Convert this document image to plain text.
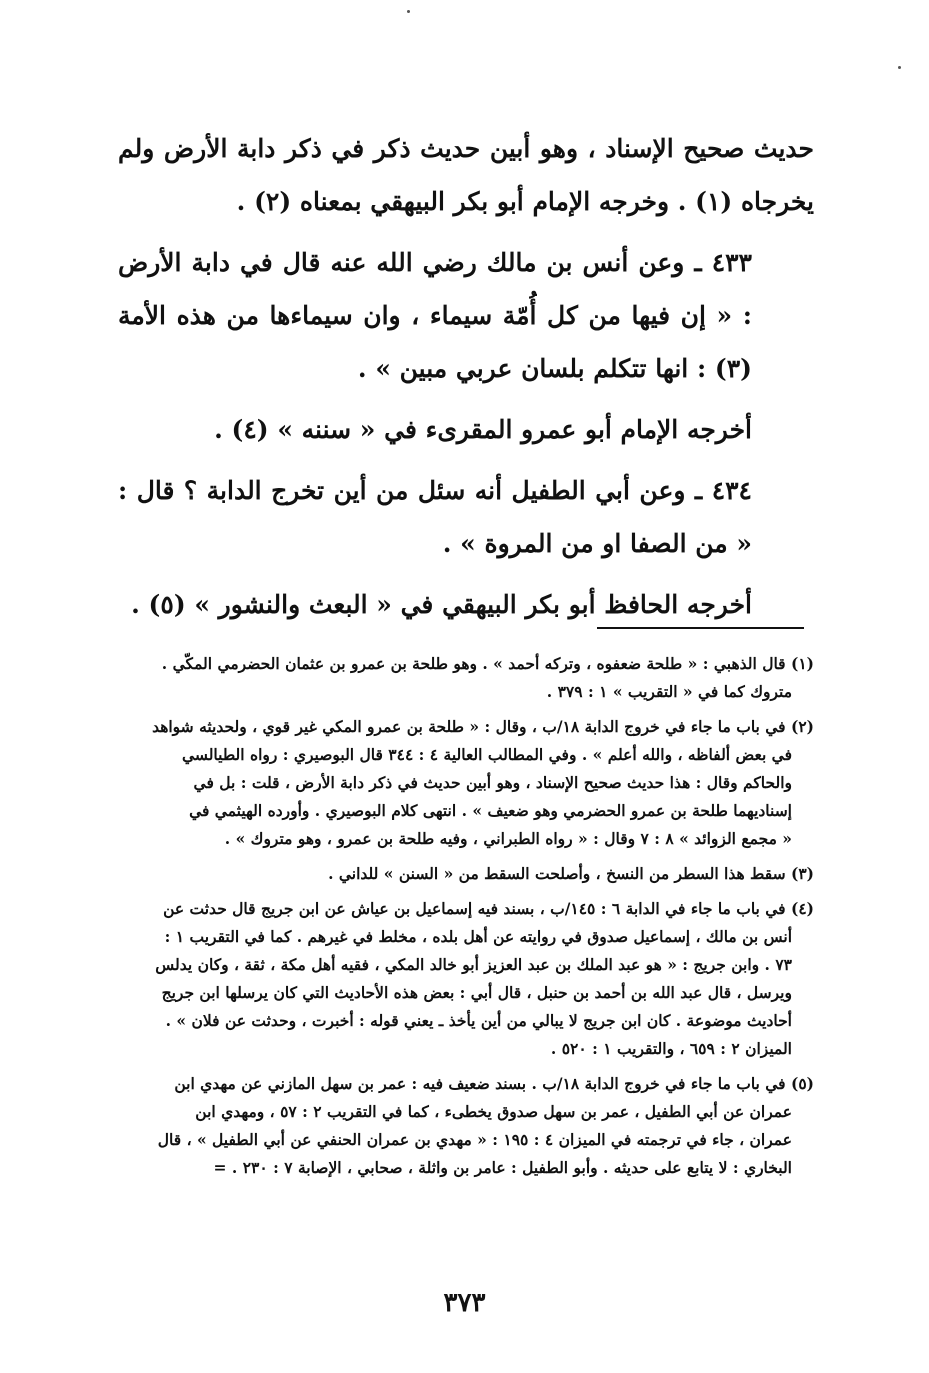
حديث صحيح الإسناد ، وهو أبين حديث ذكر في ذكر دابة الأرض ولم يخرجاه (١) . وخرجه الإمام أبو بكر البيهقي بمعناه (٢) .

٤٣٣ ـ وعن أنس بن مالك رضي الله عنه قال في دابة الأرض : « إن فيها من كل أُمّة سيماء ، وان سيماءها من هذه الأمة (٣) : انها تتكلم بلسان عربي مبين » .

أخرجه الإمام أبو عمرو المقرىء في « سننه » (٤) .

٤٣٤ ـ وعن أبي الطفيل أنه سئل من أين تخرج الدابة ؟ قال : « من الصفا او من المروة » .

أخرجه الحافظ أبو بكر البيهقي في « البعث والنشور » (٥) .

(١) قال الذهبي : « طلحة ضعفوه ، وتركه أحمد » . وهو طلحة بن عمرو بن عثمان الحضرمي المكّي .
متروك كما في « التقريب » ١ : ٣٧٩ .
(٢) في باب ما جاء في خروج الدابة ١٨/ب ، وقال : « طلحة بن عمرو المكي غير قوي ، ولحديثه شواهد
في بعض ألفاظه ، والله أعلم » . وفي المطالب العالية ٤ : ٣٤٤ قال البوصيري : رواه الطيالسي
والحاكم وقال : هذا حديث صحيح الإسناد ، وهو أبين حديث في ذكر دابة الأرض ، قلت : بل في
إسناديهما طلحة بن عمرو الحضرمي وهو ضعيف » . انتهى كلام البوصيري . وأورده الهيثمي في
« مجمع الزوائد » ٨ : ٧ وقال : « رواه الطبراني ، وفيه طلحة بن عمرو ، وهو متروك » .
(٣) سقط هذا السطر من النسخ ، وأصلحت السقط من « السنن » للداني .
(٤) في باب ما جاء في الدابة ٦ : ١٤٥/ب ، بسند فيه إسماعيل بن عياش عن ابن جريج قال حدثت عن
أنس بن مالك ، إسماعيل صدوق في روايته عن أهل بلده ، مخلط في غيرهم . كما في التقريب ١ :
٧٣ . وابن جريج : « هو عبد الملك بن عبد العزيز أبو خالد المكي ، فقيه أهل مكة ، ثقة ، وكان يدلس
ويرسل ، قال عبد الله بن أحمد بن حنبل ، قال أبي : بعض هذه الأحاديث التي كان يرسلها ابن جريج
أحاديث موضوعة . كان ابن جريج لا يبالي من أين يأخذ ـ يعني قوله : أخبرت ، وحدثت عن فلان » .
الميزان ٢ : ٦٥٩ ، والتقريب ١ : ٥٢٠ .
(٥) في باب ما جاء في خروج الدابة ١٨/ب . بسند ضعيف فيه : عمر بن سهل المازني عن مهدي ابن
عمران عن أبي الطفيل ، عمر بن سهل صدوق يخطىء ، كما في التقريب ٢ : ٥٧ ، ومهدي ابن
عمران ، جاء في ترجمته في الميزان ٤ : ١٩٥ : « مهدي بن عمران الحنفي عن أبي الطفيل » ، قال
البخاري : لا يتابع على حديثه . وأبو الطفيل : عامر بن واثلة ، صحابي ، الإصابة ٧ : ٢٣٠ . =
٣٧٣
